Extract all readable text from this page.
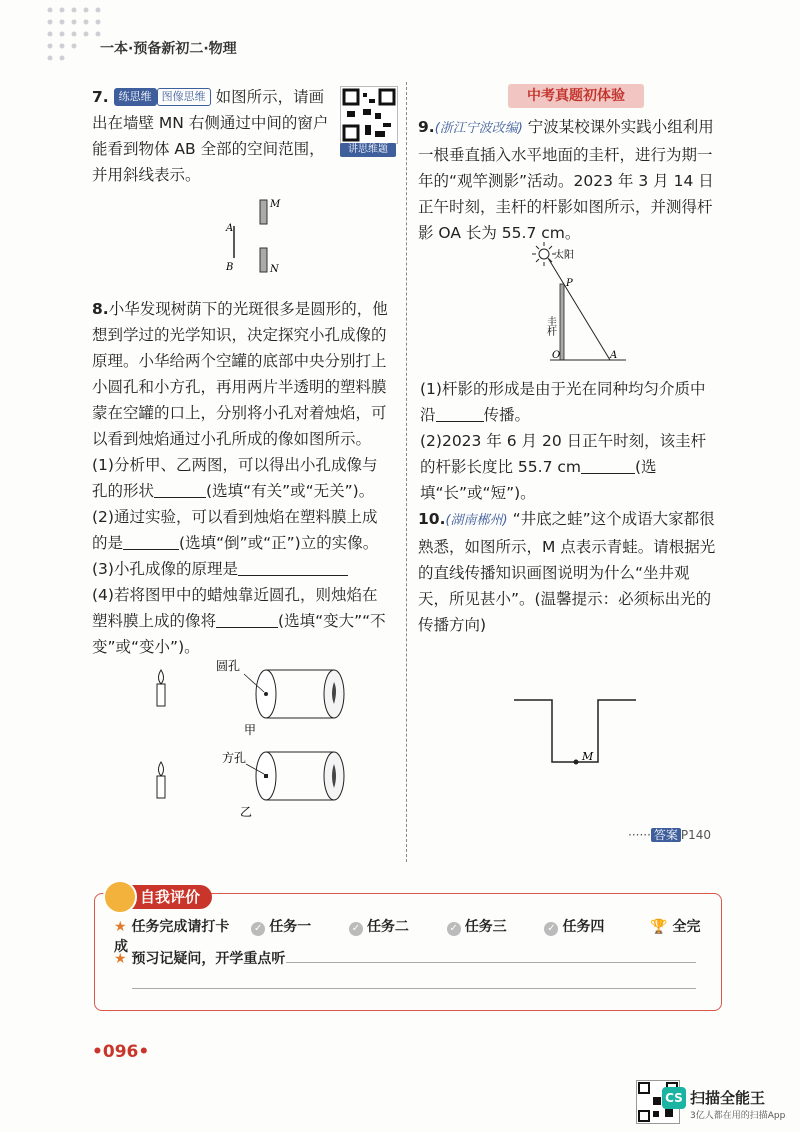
一本·预备新初二·物理
7. 练思维 图像思维 如图所示，请画出在墙壁 MN 右侧通过中间的窗户能看到物体 AB 全部的空间范围，并用斜线表示。
讲思维题
A
B
M
N
8.小华发现树荫下的光斑很多是圆形的，他想到学过的光学知识，决定探究小孔成像的原理。小华给两个空罐的底部中央分别打上小圆孔和小方孔，再用两片半透明的塑料膜蒙在空罐的口上，分别将小孔对着烛焰，可以看到烛焰通过小孔所成的像如图所示。
(1)分析甲、乙两图，可以得出小孔成像与孔的形状	(选填“有关”或“无关”)。
(2)通过实验，可以看到烛焰在塑料膜上成的是	(选填“倒”或“正”)立的实像。
(3)小孔成像的原理是
(4)若将图甲中的蜡烛靠近圆孔，则烛焰在塑料膜上成的像将	(选填“变大”“不变”或“变小”)。
圆孔
甲
方孔
乙
中考真题初体验
9.(浙江宁波改编) 宁波某校课外实践小组利用一根垂直插入水平地面的圭杆，进行为期一年的“观竿测影”活动。2023 年 3 月 14 日正午时刻，圭杆的杆影如图所示，并测得杆影 OA 长为 55.7 cm。
太阳
P
圭杆
O	A
(1)杆影的形成是由于光在同种均匀介质中沿	传播。
(2)2023 年 6 月 20 日正午时刻，该圭杆的杆影长度比 55.7 cm	(选填“长”或“短”)。
10.(湖南郴州) “井底之蛙”这个成语大家都很熟悉，如图所示，M 点表示青蛙。请根据光的直线传播知识画图说明为什么“坐井观天，所见甚小”。(温馨提示：必须标出光的传播方向)
M
······ 答案 P140
自我评价
★ 任务完成请打卡 ✓ 任务一	✓ 任务二	✓ 任务三	✓ 任务四	🏆 全完成
★ 预习记疑问，开学重点听
•096•
CS 扫描全能王
3亿人都在用的扫描App
